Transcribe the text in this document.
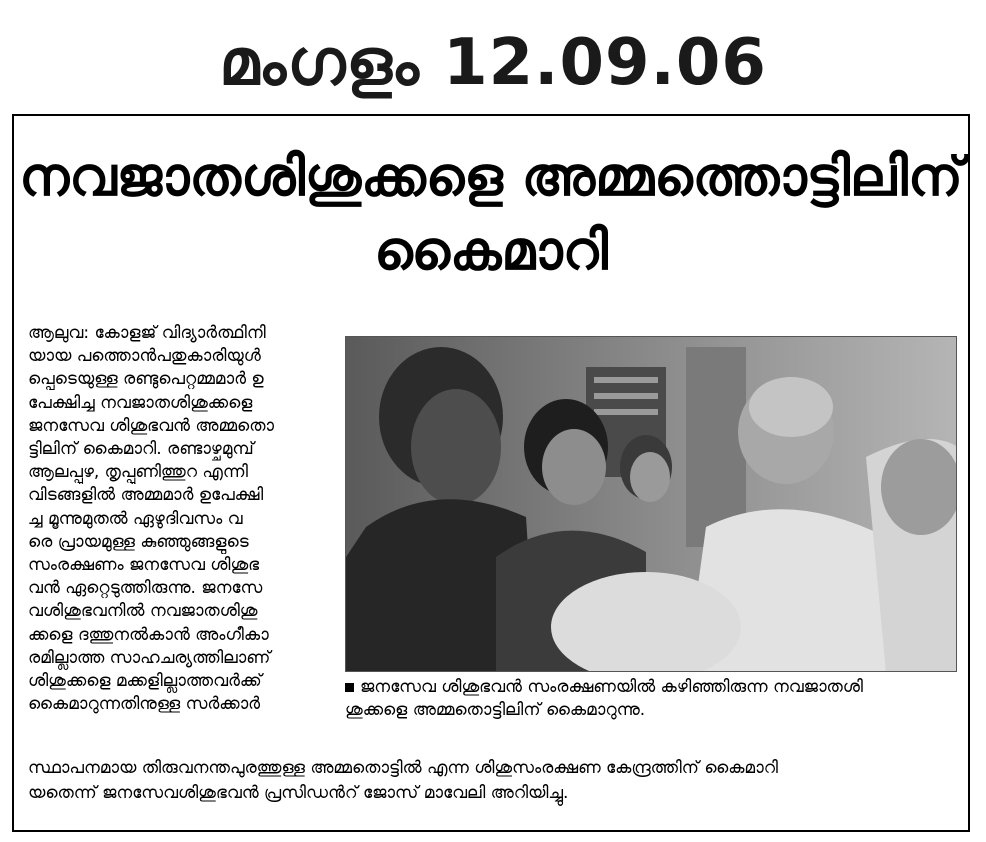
മംഗളം 12.09.06
നവജാതശിശുക്കളെ അമ്മത്തൊട്ടിലിന്
കൈമാറി
ആലുവ: കോളജ് വിദ്യാർത്ഥിനി
യായ പത്തൊൻപതുകാരിയുൾ
പ്പെടെയുള്ള രണ്ടുപെറ്റമ്മമാർ ഉ
പേക്ഷിച്ച നവജാതശിശുക്കളെ
ജനസേവ ശിശുഭവൻ അമ്മതൊ
ട്ടിലിന് കൈമാറി. രണ്ടാഴ്ചമുമ്പ്
ആലപ്പുഴ, തൃപ്പൂണിത്തുറ എന്നി
വിടങ്ങളിൽ അമ്മമാർ ഉപേക്ഷി
ച്ച മൂന്നുമുതൽ ഏഴുദിവസം വ
രെ പ്രായമുള്ള കുഞ്ഞുങ്ങളുടെ
സംരക്ഷണം ജനസേവ ശിശുഭ
വൻ ഏറ്റെടുത്തിരുന്നു. ജനസേ
വശിശുഭവനിൽ നവജാതശിശു
ക്കളെ ദത്തുനൽകാൻ അംഗീകാ
രമില്ലാത്ത സാഹചര്യത്തിലാണ്
ശിശുക്കളെ മക്കളില്ലാത്തവർക്ക്
കൈമാറുന്നതിനുള്ള സർക്കാർ
ജനസേവ ശിശുഭവൻ സംരക്ഷണയിൽ കഴിഞ്ഞിരുന്ന നവജാതശി
ശുക്കളെ അമ്മതൊട്ടിലിന് കൈമാറുന്നു.
സ്ഥാപനമായ തിരുവനന്തപുരത്തുള്ള അമ്മതൊട്ടിൽ എന്ന ശിശുസംരക്ഷണ കേന്ദ്രത്തിന് കൈമാറി
യതെന്ന് ജനസേവശിശുഭവൻ പ്രസിഡൻറ് ജോസ് മാവേലി അറിയിച്ചു.
